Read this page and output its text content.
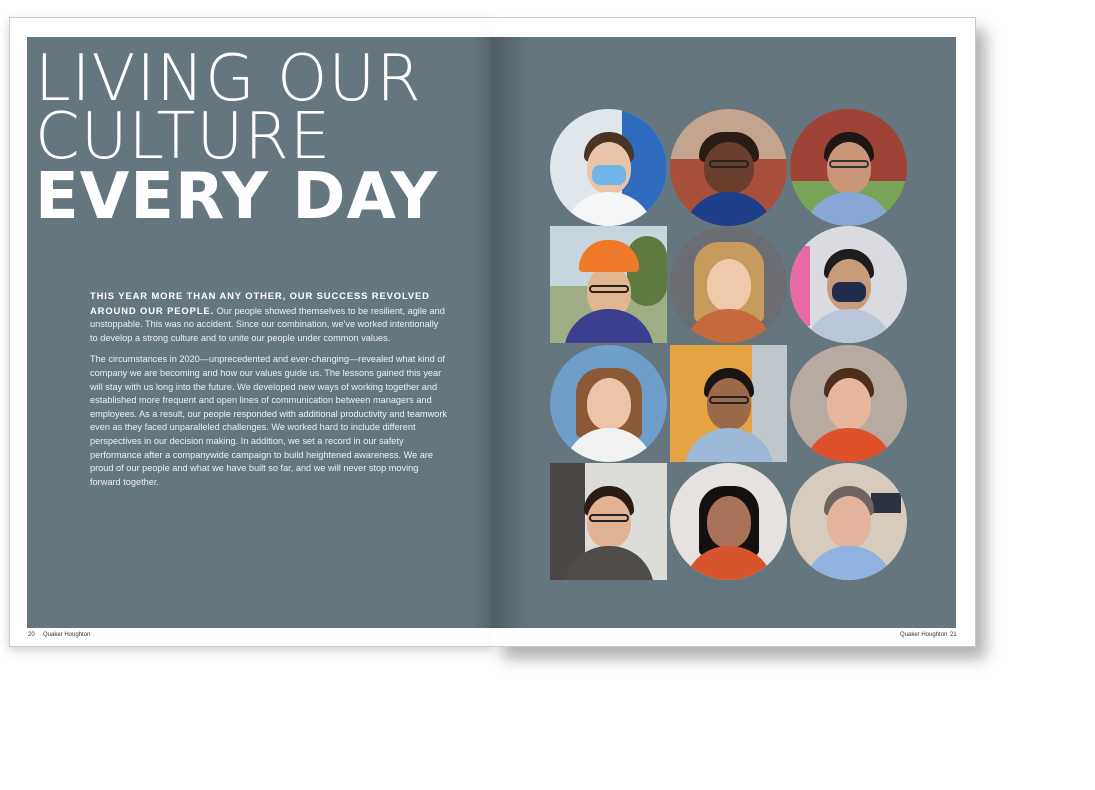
LIVING OUR
CULTURE
EVERY DAY

THIS YEAR MORE THAN ANY OTHER, OUR SUCCESS REVOLVED AROUND OUR PEOPLE. Our people showed themselves to be resilient, agile and unstoppable. This was no accident. Since our combination, we've worked intentionally to develop a strong culture and to unite our people under common values.

The circumstances in 2020—unprecedented and ever-changing—revealed what kind of company we are becoming and how our values guide us. The lessons gained this year will stay with us long into the future. We developed new ways of working together and established more frequent and open lines of communication between managers and employees. As a result, our people responded with additional productivity and teamwork even as they faced unparalleled challenges. We worked hard to include different perspectives in our decision making. In addition, we set a record in our safety performance after a companywide campaign to build heightened awareness. We are proud of our people and what we have built so far, and we will never stop moving forward together.

20 Quaker Houghton	Quaker Houghton 21
